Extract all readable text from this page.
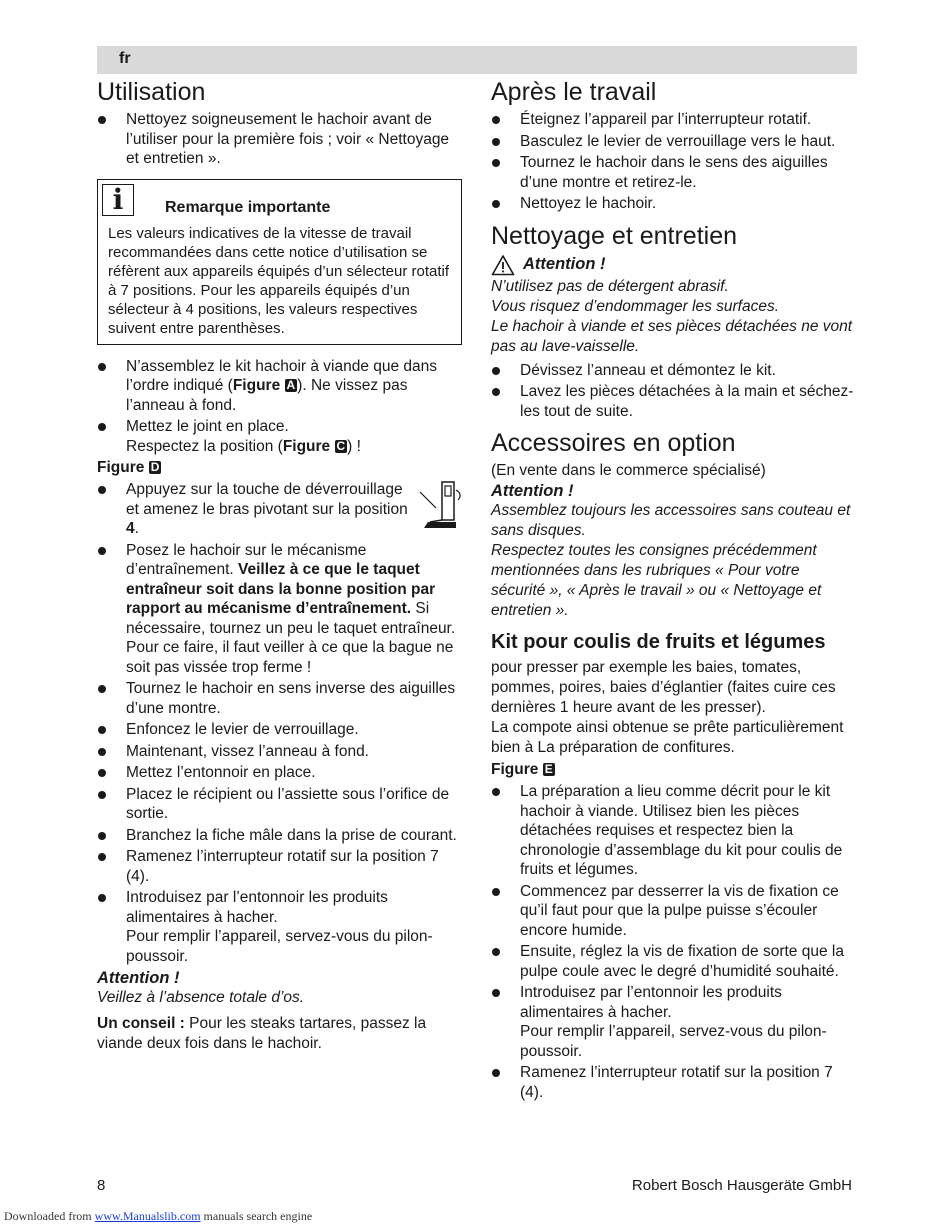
fr
Utilisation
Nettoyez soigneusement le hachoir avant de l’utiliser pour la première fois ; voir « Nettoyage et entretien ».
i	Remarque importante
Les valeurs indicatives de la vitesse de travail recommandées dans cette notice d’utilisation se réfèrent aux appareils équipés d’un sélecteur rotatif à 7 positions. Pour les appareils équipés d’un sélecteur à 4 positions, les valeurs respectives suivent entre parenthèses.
N’assemblez le kit hachoir à viande que dans l’ordre indiqué (Figure A ). Ne vissez pas l’anneau à fond.
Mettez le joint en place.
Respectez la position (Figure C ) !
Figure D
Appuyez sur la touche de déverrouillage et amenez le bras pivotant sur la position 4.
Posez le hachoir sur le mécanisme d’entraînement. Veillez à ce que le taquet entraîneur soit dans la bonne position par rapport au mécanisme d’entraînement. Si nécessaire, tournez un peu le taquet entraîneur. Pour ce faire, il faut veiller à ce que la bague ne soit pas vissée trop ferme !
Tournez le hachoir en sens inverse des aiguilles d’une montre.
Enfoncez le levier de verrouillage.
Maintenant, vissez l’anneau à fond.
Mettez l’entonnoir en place.
Placez le récipient ou l’assiette sous l’orifice de sortie.
Branchez la fiche mâle dans la prise de courant.
Ramenez l’interrupteur rotatif sur la position 7 (4).
Introduisez par l’entonnoir les produits alimentaires à hacher.
Pour remplir l’appareil, servez-vous du pilon-poussoir.

Attention !

Veillez à l’absence totale d’os.

Un conseil : Pour les steaks tartares, passez la viande deux fois dans le hachoir.

Après le travail
Éteignez l’appareil par l’interrupteur rotatif.
Basculez le levier de verrouillage vers le haut.
Tournez le hachoir dans le sens des aiguilles d’une montre et retirez-le.
Nettoyez le hachoir.
Nettoyage et entretien
Attention !

N’utilisez pas de détergent abrasif.

Vous risquez d’endommager les surfaces.

Le hachoir à viande et ses pièces détachées ne vont pas au lave-vaisselle.

Dévissez l’anneau et démontez le kit.
Lavez les pièces détachées à la main et séchez-les tout de suite.
Accessoires en option

(En vente dans le commerce spécialisé)

Attention !

Assemblez toujours les accessoires sans couteau et sans disques.

Respectez toutes les consignes précédemment mentionnées dans les rubriques « Pour votre sécurité », « Après le travail » ou « Nettoyage et entretien ».

Kit pour coulis de fruits et légumes

pour presser par exemple les baies, tomates, pommes, poires, baies d’églantier (faites cuire ces dernières 1 heure avant de les presser).

La compote ainsi obtenue se prête particulièrement bien à La préparation de confitures.

Figure E
La préparation a lieu comme décrit pour le kit hachoir à viande. Utilisez bien les pièces détachées requises et respectez bien la chronologie d’assemblage du kit pour coulis de fruits et légumes.
Commencez par desserrer la vis de fixation ce qu’il faut pour que la pulpe puisse s’écouler encore humide.
Ensuite, réglez la vis de fixation de sorte que la pulpe coule avec le degré d’humidité souhaité.
Introduisez par l’entonnoir les produits alimentaires à hacher.
Pour remplir l’appareil, servez-vous du pilon-poussoir.
Ramenez l’interrupteur rotatif sur la position 7 (4).
8	Robert Bosch Hausgeräte GmbH
Downloaded from www.Manualslib.com manuals search engine
